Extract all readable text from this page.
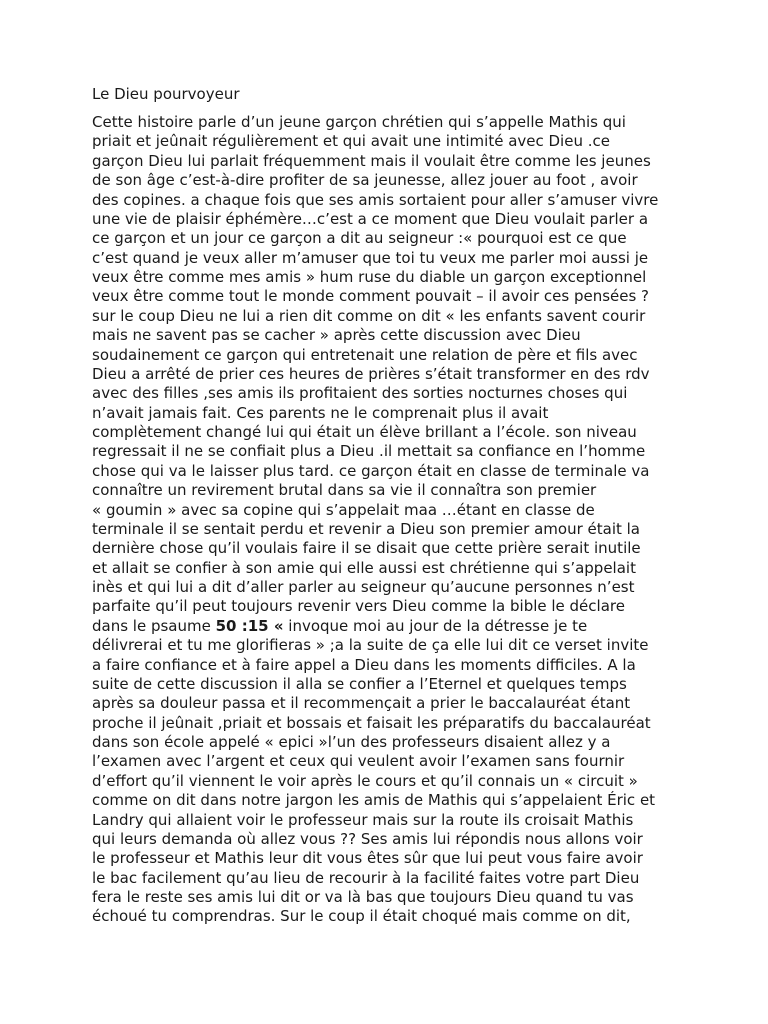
Le Dieu pourvoyeur

Cette histoire parle d’un jeune garçon chrétien qui s’appelle Mathis qui
priait et jeûnait régulièrement et qui avait une intimité avec Dieu .ce
garçon Dieu lui parlait fréquemment mais il voulait être comme les jeunes
de son âge c’est-à-dire profiter de sa jeunesse, allez jouer au foot , avoir
des copines. a chaque fois que ses amis sortaient pour aller s’amuser vivre
une vie de plaisir éphémère…c’est a ce moment que Dieu voulait parler a
ce garçon et un jour ce garçon a dit au seigneur :« pourquoi est ce que
c’est quand je veux aller m’amuser que toi tu veux me parler moi aussi je
veux être comme mes amis » hum ruse du diable un garçon exceptionnel
veux être comme tout le monde comment pouvait – il avoir ces pensées ?
sur le coup Dieu ne lui a rien dit comme on dit « les enfants savent courir
mais ne savent pas se cacher » après cette discussion avec Dieu
soudainement ce garçon qui entretenait une relation de père et fils avec
Dieu a arrêté de prier ces heures de prières s’était transformer en des rdv
avec des filles ,ses amis ils profitaient des sorties nocturnes choses qui
n’avait jamais fait. Ces parents ne le comprenait plus il avait
complètement changé lui qui était un élève brillant a l’école. son niveau
regressait il ne se confiait plus a Dieu .il mettait sa confiance en l’homme
chose qui va le laisser plus tard. ce garçon était en classe de terminale va
connaître un revirement brutal dans sa vie il connaîtra son premier
« goumin » avec sa copine qui s’appelait maa …étant en classe de
terminale il se sentait perdu et revenir a Dieu son premier amour était la
dernière chose qu’il voulais faire il se disait que cette prière serait inutile
et allait se confier à son amie qui elle aussi est chrétienne qui s’appelait
inès et qui lui a dit d’aller parler au seigneur qu’aucune personnes n’est
parfaite qu’il peut toujours revenir vers Dieu comme la bible le déclare
dans le psaume 50 :15 « invoque moi au jour de la détresse je te
délivrerai et tu me glorifieras » ;a la suite de ça elle lui dit ce verset invite
a faire confiance et à faire appel a Dieu dans les moments difficiles. A la
suite de cette discussion il alla se confier a l’Eternel et quelques temps
après sa douleur passa et il recommençait a prier le baccalauréat étant
proche il jeûnait ,priait et bossais et faisait les préparatifs du baccalauréat
dans son école appelé « epici »l’un des professeurs disaient allez y a
l’examen avec l’argent et ceux qui veulent avoir l’examen sans fournir
d’effort qu’il viennent le voir après le cours et qu’il connais un « circuit »
comme on dit dans notre jargon les amis de Mathis qui s’appelaient Éric et
Landry qui allaient voir le professeur mais sur la route ils croisait Mathis
qui leurs demanda où allez vous ?? Ses amis lui répondis nous allons voir
le professeur et Mathis leur dit vous êtes sûr que lui peut vous faire avoir
le bac facilement qu’au lieu de recourir à la facilité faites votre part Dieu
fera le reste ses amis lui dit or va là bas que toujours Dieu quand tu vas
échoué tu comprendras. Sur le coup il était choqué mais comme on dit,
